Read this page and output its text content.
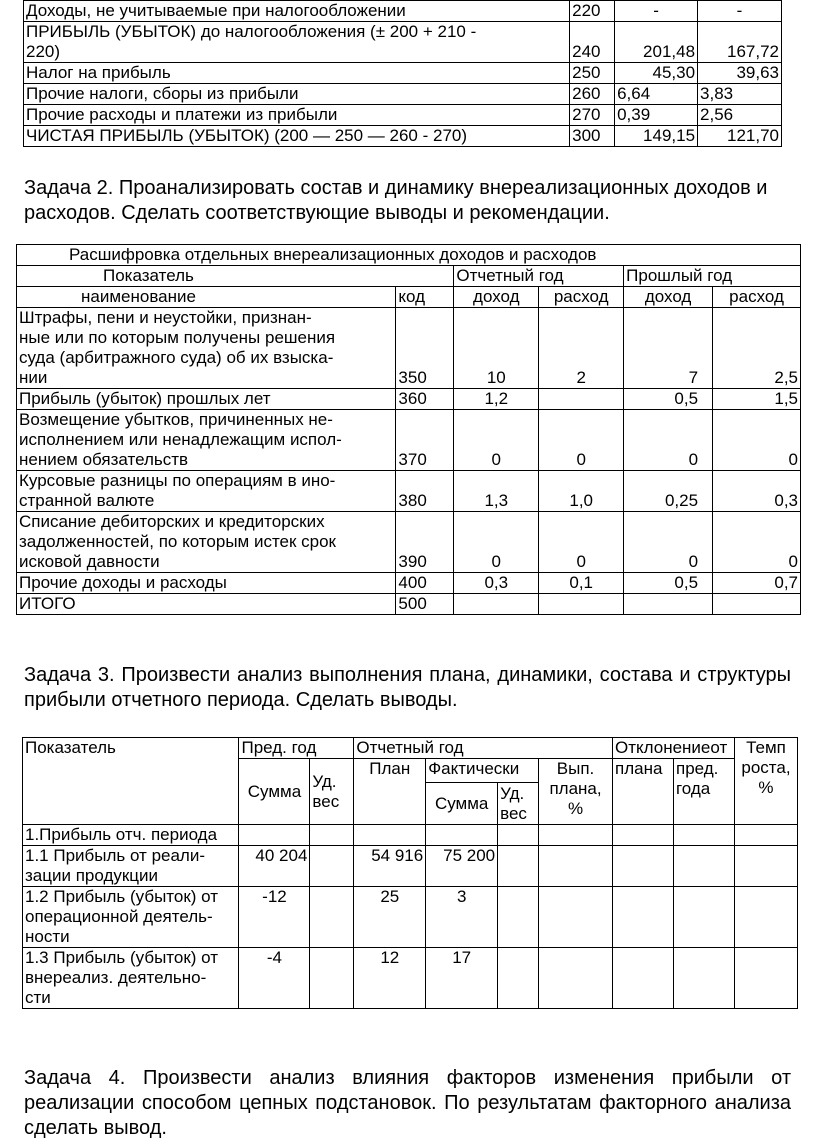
Доходы, не учитываемые при налогообложении	220	-	-
ПРИБЫЛЬ (УБЫТОК) до налогообложения (± 200 + 210 -
220)	240	201,48	167,72
Налог на прибыль	250	45,30	39,63
Прочие налоги, сборы из прибыли	260	6,64	3,83
Прочие расходы и платежи из прибыли	270	0,39	2,56
ЧИСТАЯ ПРИБЫЛЬ (УБЫТОК) (200 — 250 — 260 - 270)	300	149,15	121,70

Задача 2. Проанализировать состав и динамику внереализационных доходов и расходов. Сделать соответствующие выводы и рекомендации.

Расшифровка отдельных внереализационных доходов и расходов					
Показатель		Отчетный год		Прошлый год	
наименование	код	доход	расход	доход	расход
Штрафы, пени и неустойки, признан-
ные или по которым получены решения
суда (арбитражного суда) об их взыска-
нии	350	10	2	7	2,5
Прибыль (убыток) прошлых лет	360	1,2		0,5	1,5
Возмещение убытков, причиненных не-
исполнением или ненадлежащим испол-
нением обязательств	370	0	0	0	0
Курсовые разницы по операциям в ино-
странной валюте	380	1,3	1,0	0,25	0,3
Списание дебиторских и кредиторских
задолженностей, по которым истек срок
исковой давности	390	0	0	0	0
Прочие доходы и расходы	400	0,3	0,1	0,5	0,7
ИТОГО	500				

Задача 3. Произвести анализ выполнения плана, динамики, состава и структуры прибыли отчетного периода. Сделать выводы.

Показатель	Пред. год		Отчетный год				Отклонениеот		Темп
роста,
%
	Сумма	Уд.
вес	План	Фактически		Вып.
плана,
%	плана	пред.
года	
				Сумма	Уд.
вес				
1.Прибыль отч. периода									
1.1 Прибыль от реали-
зации продукции	40 204		54 916	75 200					
1.2 Прибыль (убыток) от
операционной деятель-
ности	-12		25	3					
1.3 Прибыль (убыток) от
внереализ. деятельно-
сти	-4		12	17					

Задача 4. Произвести анализ влияния факторов изменения прибыли от реализации способом цепных подстановок. По результатам факторного анализа сделать вывод.
